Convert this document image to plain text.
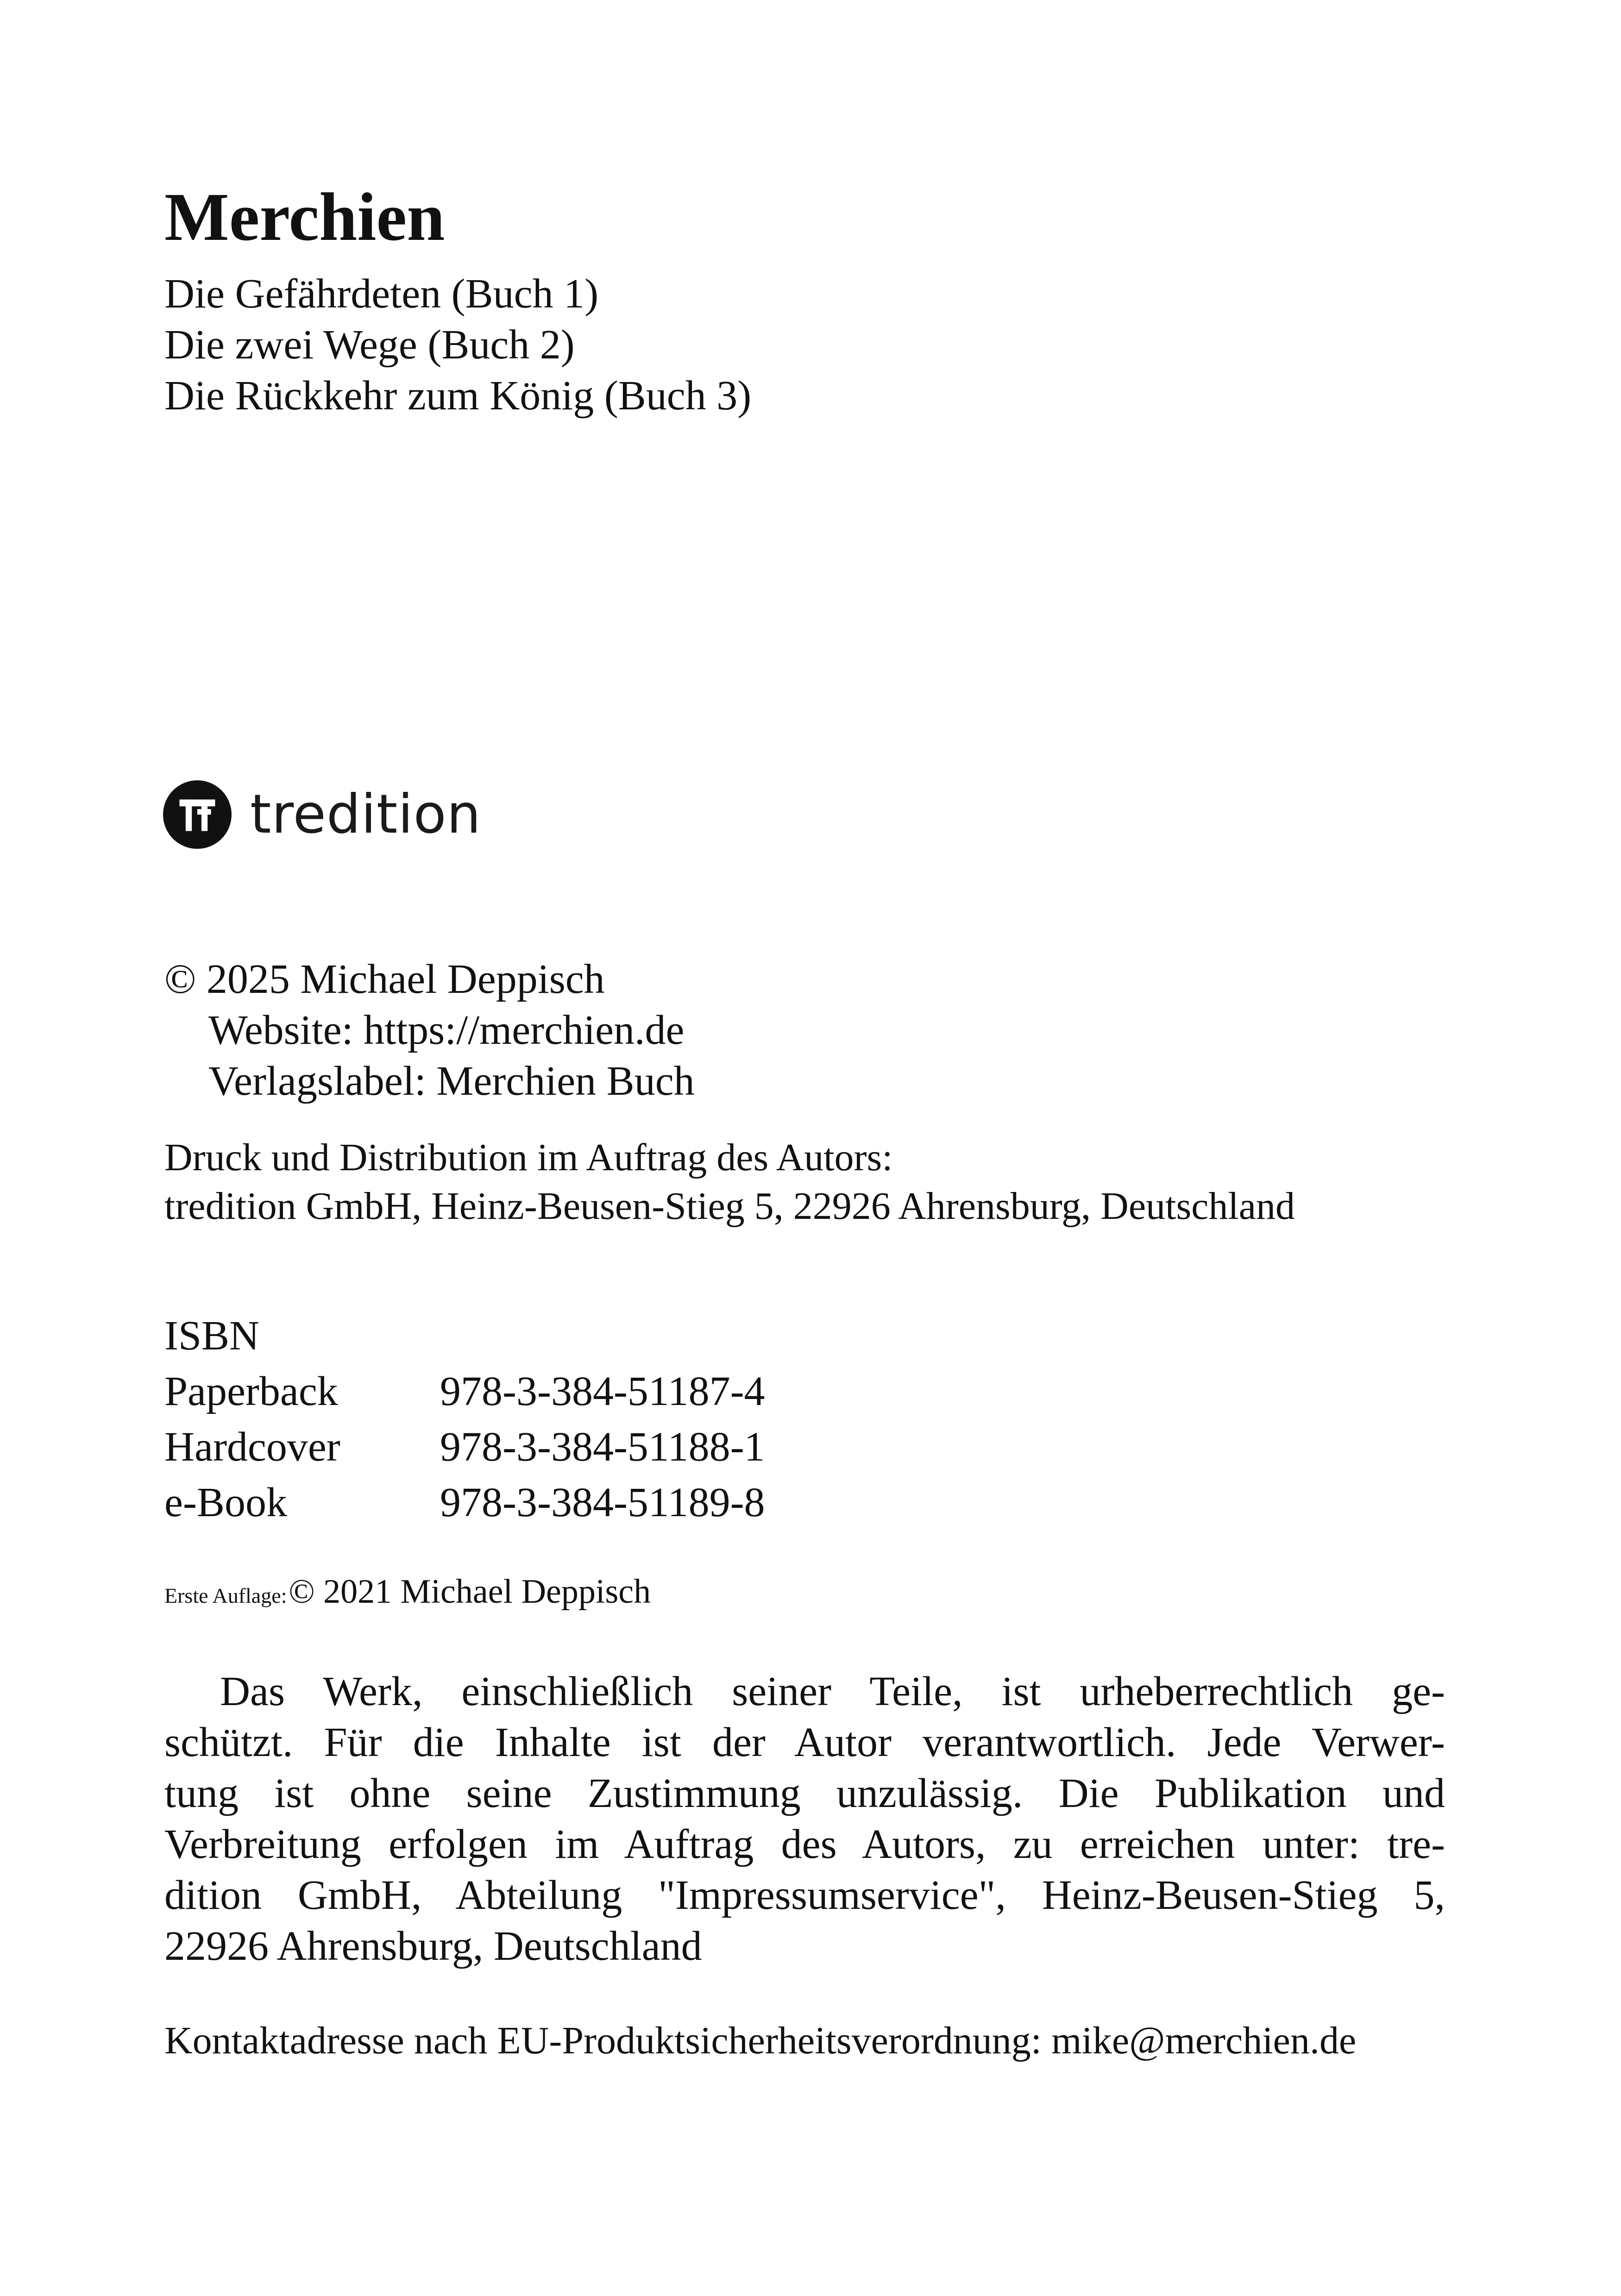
Merchien
Die Gefährdeten (Buch 1)
Die zwei Wege (Buch 2)
Die Rückkehr zum König (Buch 3)
tredition
© 2025 Michael Deppisch
Website: https://merchien.de
Verlagslabel: Merchien Buch
Druck und Distribution im Auftrag des Autors:
tredition GmbH, Heinz-Beusen-Stieg 5, 22926 Ahrensburg, Deutschland
ISBN
Paperback 978-3-384-51187-4
Hardcover 978-3-384-51188-1
e-Book	978-3-384-51189-8
Erste Auflage: © 2021 Michael Deppisch
Das Werk, einschließlich seiner Teile, ist urheberrechtlich ge-
schützt. Für die Inhalte ist der Autor verantwortlich. Jede Verwer-
tung ist ohne seine Zustimmung unzulässig. Die Publikation und
Verbreitung erfolgen im Auftrag des Autors, zu erreichen unter: tre-
dition GmbH, Abteilung "Impressumservice", Heinz-Beusen-Stieg 5,
22926 Ahrensburg, Deutschland
Kontaktadresse nach EU-Produktsicherheitsverordnung: mike@merchien.de
